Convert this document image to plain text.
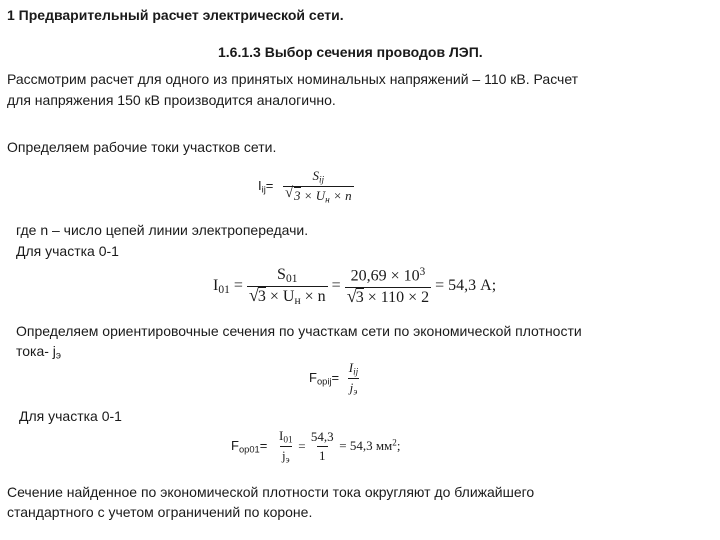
1 Предварительный расчет электрической сети.
1.6.1.3 Выбор сечения проводов ЛЭП.
Рассмотрим расчет для одного из принятых номинальных напряжений – 110 кВ. Расчет
для напряжения 150 кВ производится аналогично.
Определяем рабочие токи участков сети.
$I_{ij}= \frac{S_{ij}}{√ 3 \times U_н \times n}$
где n – число цепей линии электропередачи.
Для участка 0-1
$I_{01} = S_{01}$
√
$3 \times U_н \times n = 20,69 \times 10^3$
√
3 × 110 × 2 = 54,3 А;
Определяем ориентировочные сечения по участкам сети по экономической плотности
тока- $j_э$
$F_{opij}= \frac{I_{ij}}{j_э}$
Для участка 0-1
$F_{op01}= \frac{I_{01}}{j_э} = \frac{54,3}{1} = 54,3$ $мм^2$;
Сечение найденное по экономической плотности тока округляют до ближайшего
стандартного с учетом ограничений по короне.
